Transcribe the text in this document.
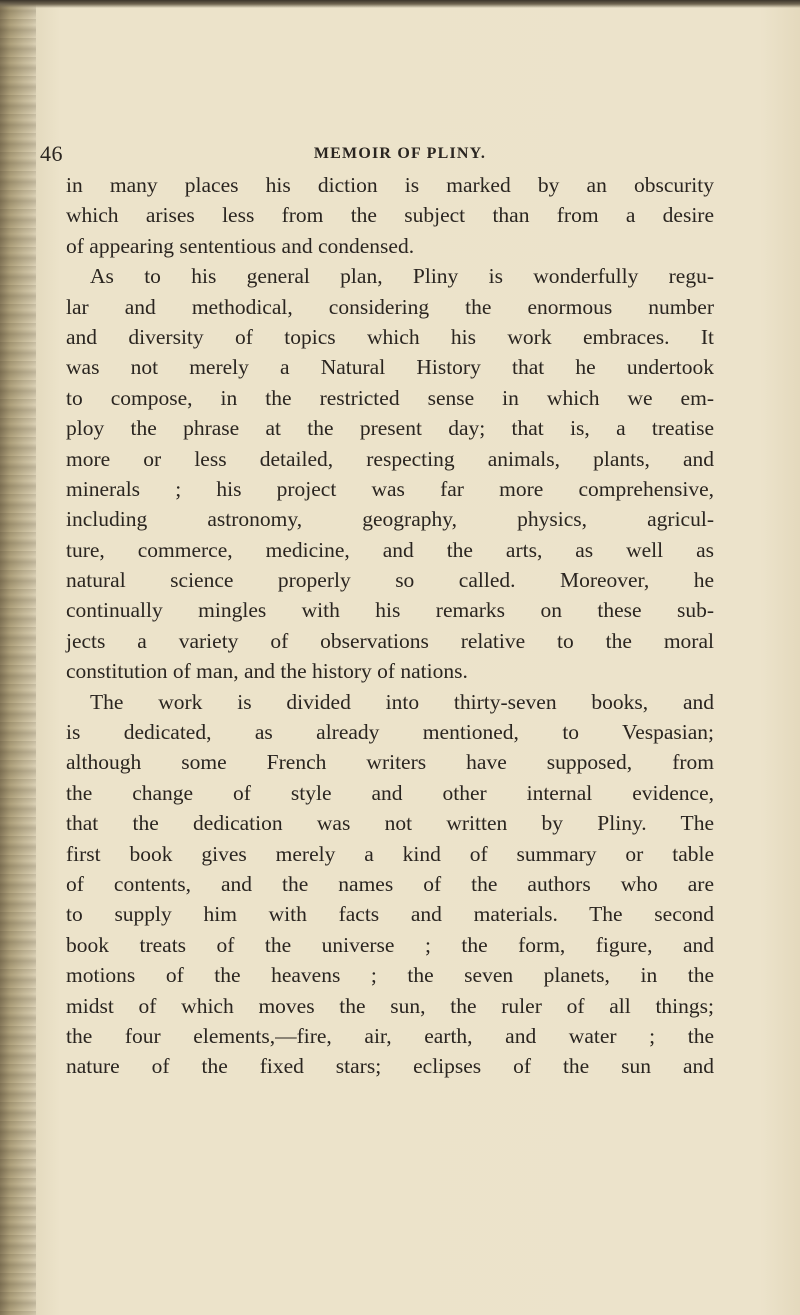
46	MEMOIR OF PLINY.
in many places his diction is marked by an obscurity
which arises less from the subject than from a desire
of appearing sententious and condensed.
As to his general plan, Pliny is wonderfully regu-
lar and methodical, considering the enormous number
and diversity of topics which his work embraces. It
was not merely a Natural History that he undertook
to compose, in the restricted sense in which we em-
ploy the phrase at the present day; that is, a treatise
more or less detailed, respecting animals, plants, and
minerals ; his project was far more comprehensive,
including astronomy, geography, physics, agricul-
ture, commerce, medicine, and the arts, as well as
natural science properly so called. Moreover, he
continually mingles with his remarks on these sub-
jects a variety of observations relative to the moral
constitution of man, and the history of nations.
The work is divided into thirty-seven books, and
is dedicated, as already mentioned, to Vespasian;
although some French writers have supposed, from
the change of style and other internal evidence,
that the dedication was not written by Pliny. The
first book gives merely a kind of summary or table
of contents, and the names of the authors who are
to supply him with facts and materials. The second
book treats of the universe ; the form, figure, and
motions of the heavens ; the seven planets, in the
midst of which moves the sun, the ruler of all things;
the four elements,—fire, air, earth, and water ; the
nature of the fixed stars; eclipses of the sun and
